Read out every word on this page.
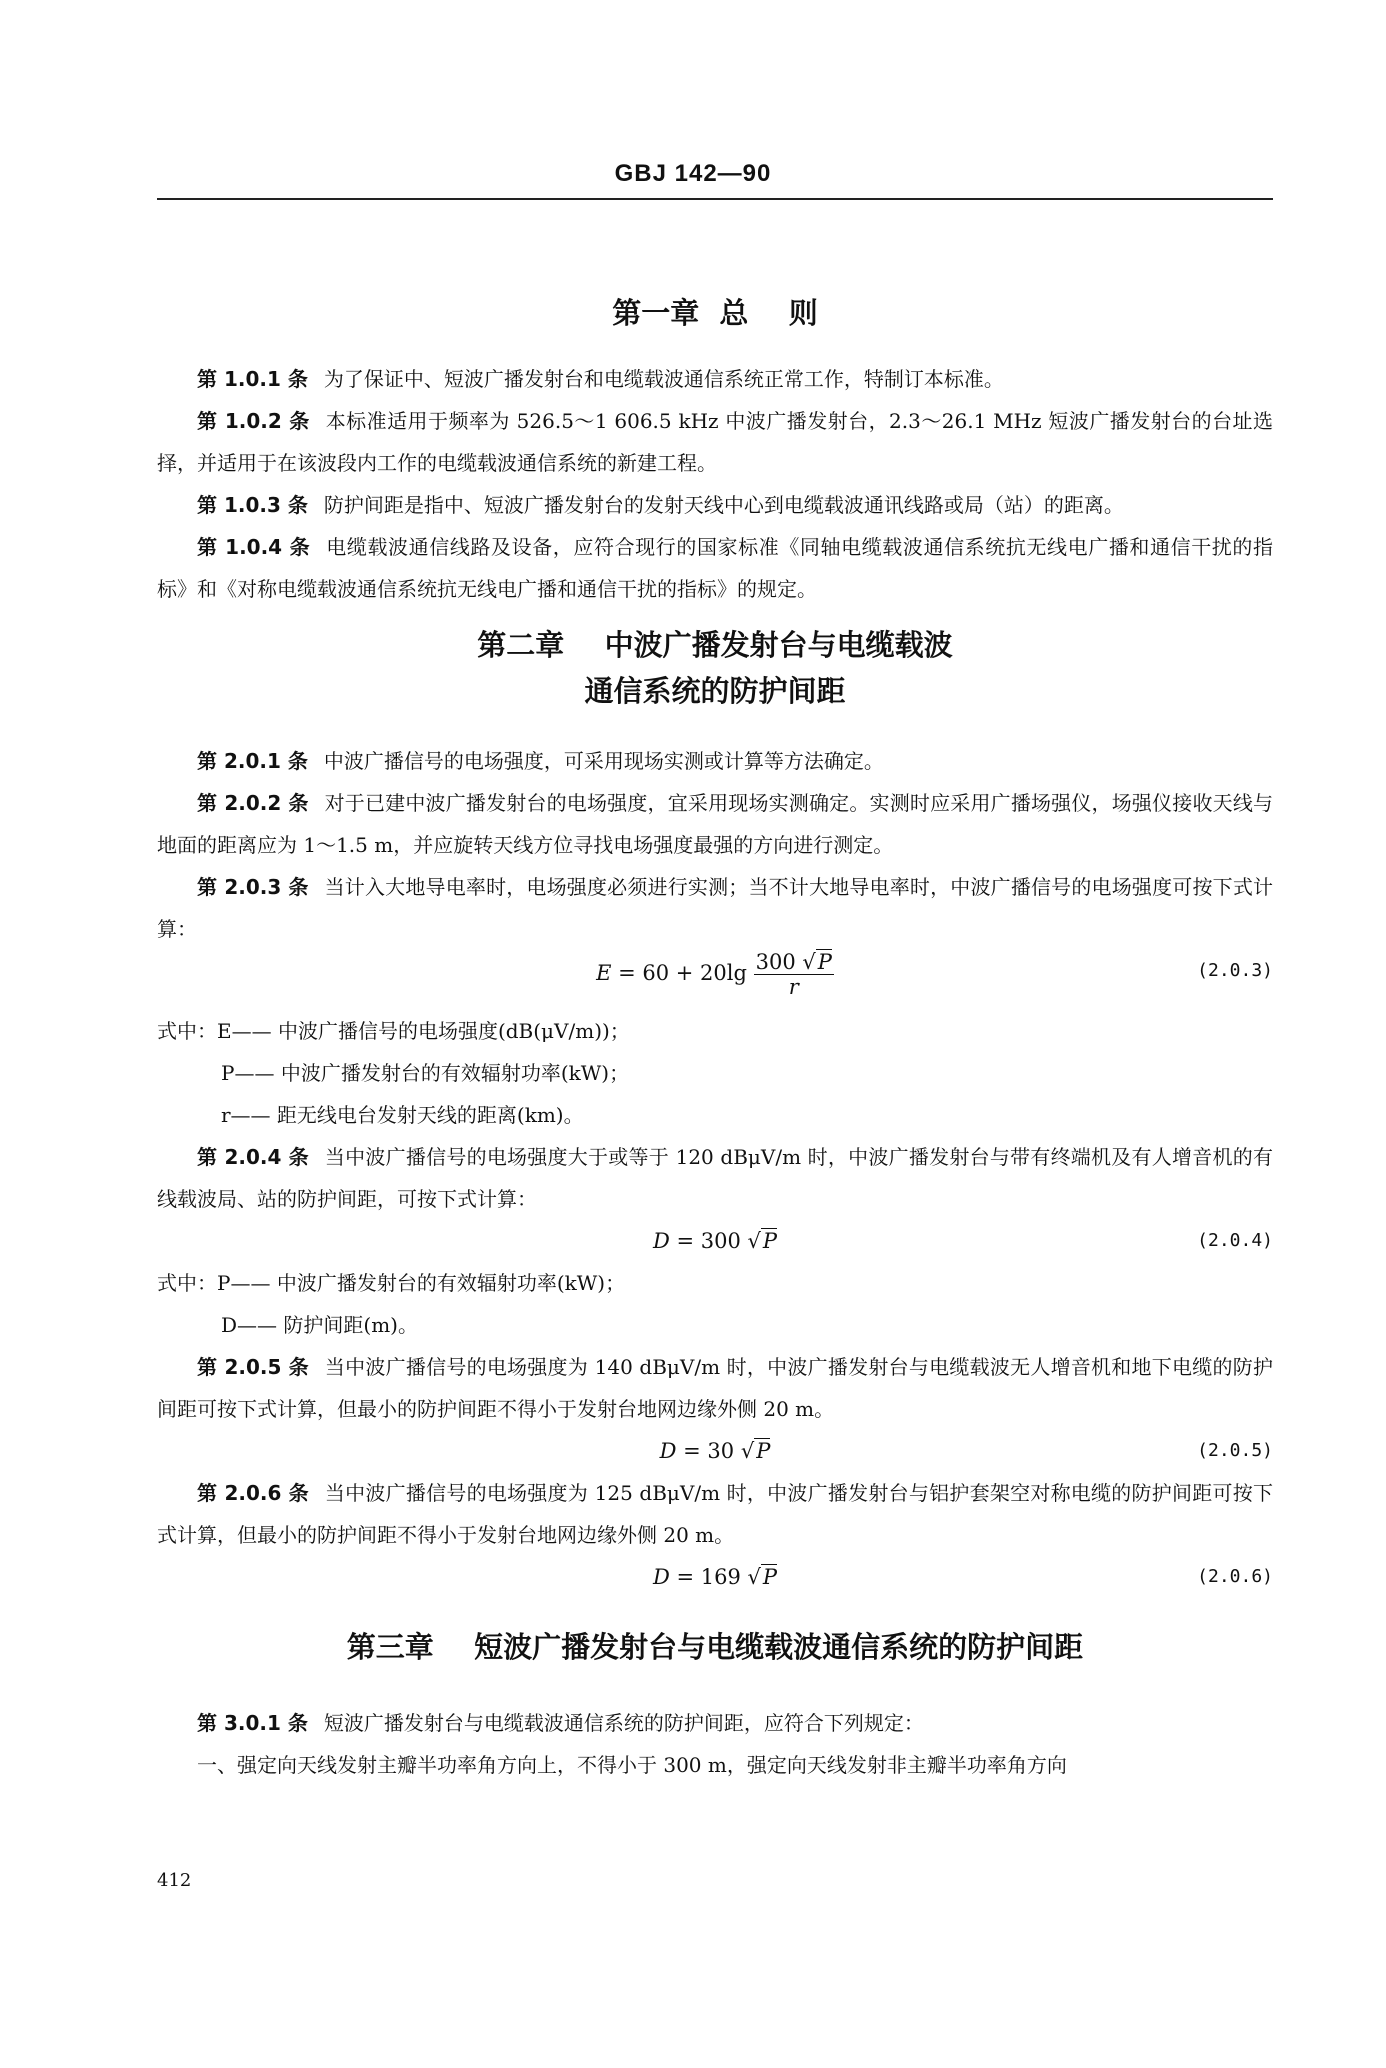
GBJ 142—90
第一章  总    则

第 1.0.1 条 为了保证中、短波广播发射台和电缆载波通信系统正常工作，特制订本标准。

第 1.0.2 条 本标准适用于频率为 526.5～1 606.5 kHz 中波广播发射台，2.3～26.1 MHz 短波广播发射台的台址选择，并适用于在该波段内工作的电缆载波通信系统的新建工程。

第 1.0.3 条 防护间距是指中、短波广播发射台的发射天线中心到电缆载波通讯线路或局（站）的距离。

第 1.0.4 条 电缆载波通信线路及设备，应符合现行的国家标准《同轴电缆载波通信系统抗无线电广播和通信干扰的指标》和《对称电缆载波通信系统抗无线电广播和通信干扰的指标》的规定。

第二章    中波广播发射台与电缆载波
通信系统的防护间距

第 2.0.1 条 中波广播信号的电场强度，可采用现场实测或计算等方法确定。

第 2.0.2 条 对于已建中波广播发射台的电场强度，宜采用现场实测确定。实测时应采用广播场强仪，场强仪接收天线与地面的距离应为 1～1.5 m，并应旋转天线方位寻找电场强度最强的方向进行测定。

第 2.0.3 条 当计入大地导电率时，电场强度必须进行实测；当不计大地导电率时，中波广播信号的电场强度可按下式计算：

$E = 60 + 20\lg \frac{300 √P}{r}$	(2.0.3)

式中：E—— 中波广播信号的电场强度(dB(μV/m))；

P—— 中波广播发射台的有效辐射功率(kW)；

r—— 距无线电台发射天线的距离(km)。

第 2.0.4 条 当中波广播信号的电场强度大于或等于 120 dBμV/m 时，中波广播发射台与带有终端机及有人增音机的有线载波局、站的防护间距，可按下式计算：

D = 300 √P	(2.0.4)

式中：P—— 中波广播发射台的有效辐射功率(kW)；

D—— 防护间距(m)。

第 2.0.5 条 当中波广播信号的电场强度为 140 dBμV/m 时，中波广播发射台与电缆载波无人增音机和地下电缆的防护间距可按下式计算，但最小的防护间距不得小于发射台地网边缘外侧 20 m。

D = 30 √P	(2.0.5)

第 2.0.6 条 当中波广播信号的电场强度为 125 dBμV/m 时，中波广播发射台与铝护套架空对称电缆的防护间距可按下式计算，但最小的防护间距不得小于发射台地网边缘外侧 20 m。

D = 169 √P	(2.0.6)
第三章    短波广播发射台与电缆载波通信系统的防护间距

第 3.0.1 条 短波广播发射台与电缆载波通信系统的防护间距，应符合下列规定：

一、强定向天线发射主瓣半功率角方向上，不得小于 300 m，强定向天线发射非主瓣半功率角方向

412
